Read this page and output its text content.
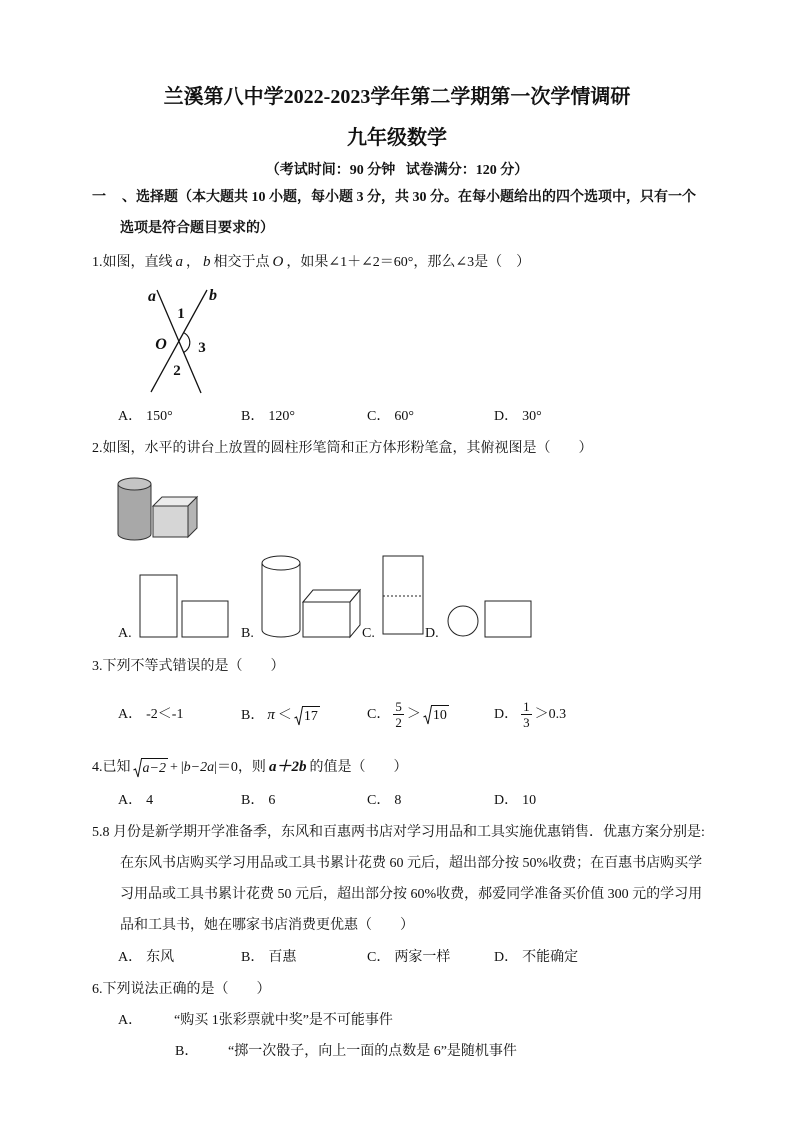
兰溪第八中学2022-2023学年第二学期第一次学情调研
九年级数学
（考试时间：90 分钟   试卷满分：120 分）
一 、选择题（本大题共 10 小题，每小题 3 分，共 30 分。在每小题给出的四个选项中，只有一个
选项是符合题目要求的）
1.如图，直线 a ， b 相交于点 O ，如果∠1＋∠2＝60°，那么∠3是（    ）
a	b
1
O 3
2
A． 150°	B． 120°	C． 60°	D． 30°
2.如图，水平的讲台上放置的圆柱形笔筒和正方体形粉笔盒，其俯视图是（　　）
A.	B.	C.	D.
3.下列不等式错误的是（　　）
A． -2＜-1	B． π ＜ 17	C． $\frac{5}{2} > 10$	D． $\frac{1}{3} >0.3$
4.已知 a−2 + |b−2a|＝0，则 a＋2b 的值是（　　）
A． 4	B． 6	C． 8	D． 10
5.8 月份是新学期开学准备季，东风和百惠两书店对学习用品和工具实施优惠销售．优惠方案分别是:
在东风书店购买学习用品或工具书累计花费 60 元后，超出部分按 50%收费；在百惠书店购买学
习用品或工具书累计花费 50 元后，超出部分按 60%收费，郝爱同学准备买价值 300 元的学习用
品和工具书，她在哪家书店消费更优惠（　　）
A． 东风	B． 百惠	C． 两家一样	D． 不能确定
6.下列说法正确的是（　　）
A． “购买 1张彩票就中奖”是不可能事件
B． “掷一次骰子，向上一面的点数是 6”是随机事件
